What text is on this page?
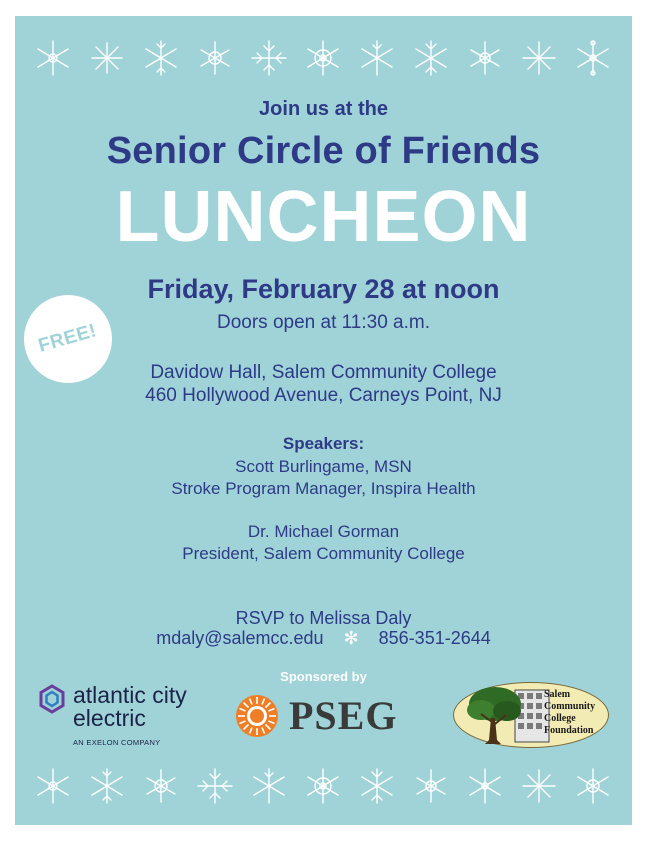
Join us at the
Senior Circle of Friends
LUNCHEON
FREE!
Friday, February 28 at noon
Doors open at 11:30 a.m.
Davidow Hall, Salem Community College
460 Hollywood Avenue, Carneys Point, NJ
Speakers:
Scott Burlingame, MSN
Stroke Program Manager, Inspira Health
Dr. Michael Gorman
President, Salem Community College
RSVP to Melissa Daly
mdaly@salemcc.edu ✻ 856-351-2644
Sponsored by
atlantic city
electric
AN EXELON COMPANY
PSEG	Salem
Community
College
Foundation
